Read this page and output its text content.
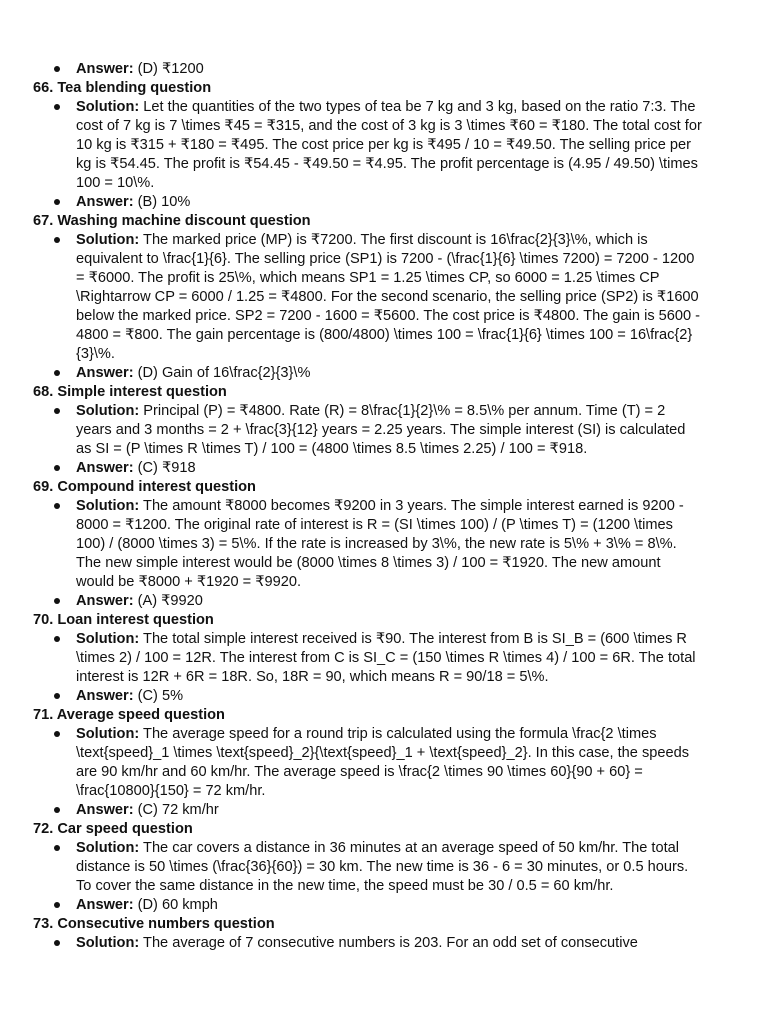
Answer: (D) ₹1200
66. Tea blending question
Solution: Let the quantities of the two types of tea be 7 kg and 3 kg, based on the ratio 7:3. The cost of 7 kg is 7 \times ₹45 = ₹315, and the cost of 3 kg is 3 \times ₹60 = ₹180. The total cost for 10 kg is ₹315 + ₹180 = ₹495. The cost price per kg is ₹495 / 10 = ₹49.50. The selling price per kg is ₹54.45. The profit is ₹54.45 - ₹49.50 = ₹4.95. The profit percentage is (4.95 / 49.50) \times 100 = 10\%.
Answer: (B) 10%
67. Washing machine discount question
Solution: The marked price (MP) is ₹7200. The first discount is 16\frac{2}{3}\%, which is equivalent to \frac{1}{6}. The selling price (SP1) is 7200 - (\frac{1}{6} \times 7200) = 7200 - 1200 = ₹6000. The profit is 25\%, which means SP1 = 1.25 \times CP, so 6000 = 1.25 \times CP \Rightarrow CP = 6000 / 1.25 = ₹4800. For the second scenario, the selling price (SP2) is ₹1600 below the marked price. SP2 = 7200 - 1600 = ₹5600. The cost price is ₹4800. The gain is 5600 - 4800 = ₹800. The gain percentage is (800/4800) \times 100 = \frac{1}{6} \times 100 = 16\frac{2}{3}\%.
Answer: (D) Gain of 16\frac{2}{3}\%
68. Simple interest question
Solution: Principal (P) = ₹4800. Rate (R) = 8\frac{1}{2}\% = 8.5\% per annum. Time (T) = 2 years and 3 months = 2 + \frac{3}{12} years = 2.25 years. The simple interest (SI) is calculated as SI = (P \times R \times T) / 100 = (4800 \times 8.5 \times 2.25) / 100 = ₹918.
Answer: (C) ₹918
69. Compound interest question
Solution: The amount ₹8000 becomes ₹9200 in 3 years. The simple interest earned is 9200 - 8000 = ₹1200. The original rate of interest is R = (SI \times 100) / (P \times T) = (1200 \times 100) / (8000 \times 3) = 5\%. If the rate is increased by 3\%, the new rate is 5\% + 3\% = 8\%. The new simple interest would be (8000 \times 8 \times 3) / 100 = ₹1920. The new amount would be ₹8000 + ₹1920 = ₹9920.
Answer: (A) ₹9920
70. Loan interest question
Solution: The total simple interest received is ₹90. The interest from B is SI_B = (600 \times R \times 2) / 100 = 12R. The interest from C is SI_C = (150 \times R \times 4) / 100 = 6R. The total interest is 12R + 6R = 18R. So, 18R = 90, which means R = 90/18 = 5\%.
Answer: (C) 5%
71. Average speed question
Solution: The average speed for a round trip is calculated using the formula \frac{2 \times \text{speed}_1 \times \text{speed}_2}{\text{speed}_1 + \text{speed}_2}. In this case, the speeds are 90 km/hr and 60 km/hr. The average speed is \frac{2 \times 90 \times 60}{90 + 60} = \frac{10800}{150} = 72 km/hr.
Answer: (C) 72 km/hr
72. Car speed question
Solution: The car covers a distance in 36 minutes at an average speed of 50 km/hr. The total distance is 50 \times (\frac{36}{60}) = 30 km. The new time is 36 - 6 = 30 minutes, or 0.5 hours. To cover the same distance in the new time, the speed must be 30 / 0.5 = 60 km/hr.
Answer: (D) 60 kmph
73. Consecutive numbers question
Solution: The average of 7 consecutive numbers is 203. For an odd set of consecutive
